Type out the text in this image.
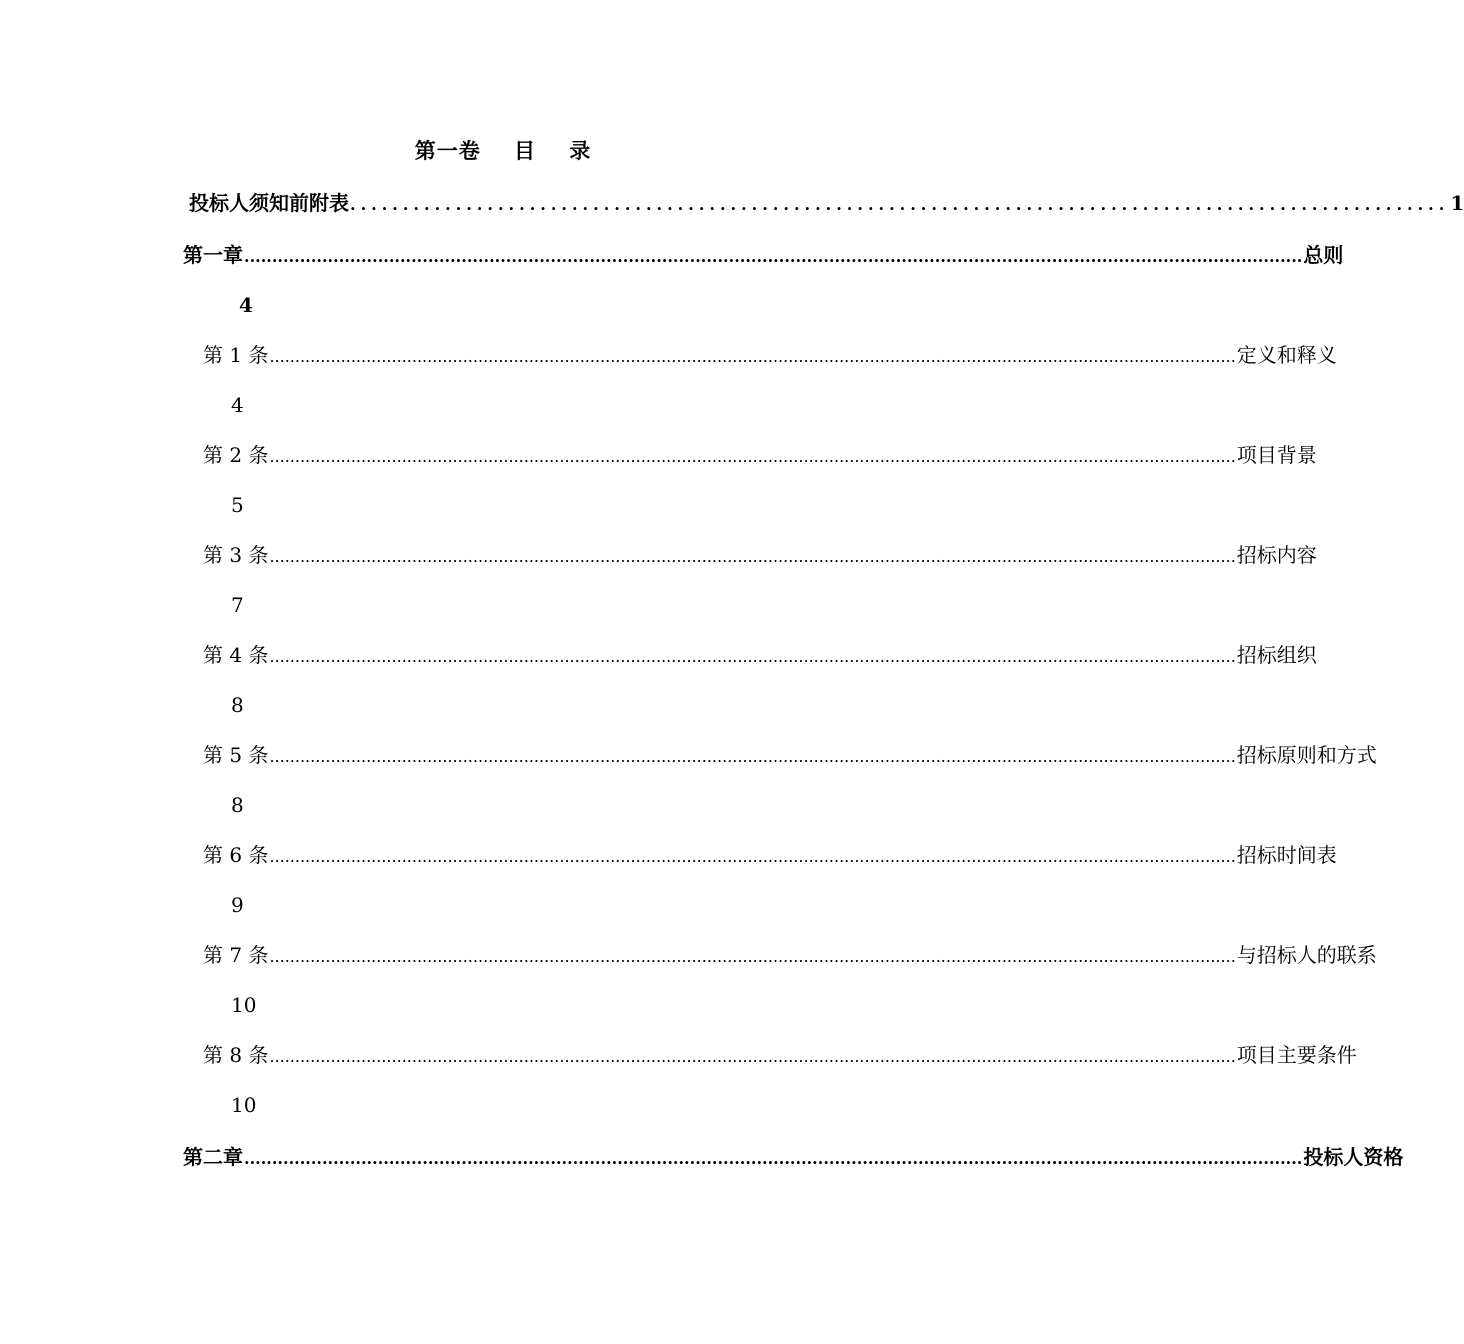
第一卷    目    录
投标人须知前附表 ........................................................................................................ 1
第一章 .............................................................................................................................................................................................. 总则
4
第 1 条 .............................................................................................................................................................................................. 定义和释义
4
第 2 条 .............................................................................................................................................................................................. 项目背景
5
第 3 条 .............................................................................................................................................................................................. 招标内容
7
第 4 条 .............................................................................................................................................................................................. 招标组织
8
第 5 条 .............................................................................................................................................................................................. 招标原则和方式
8
第 6 条 .............................................................................................................................................................................................. 招标时间表
9
第 7 条 .............................................................................................................................................................................................. 与招标人的联系
10
第 8 条 .............................................................................................................................................................................................. 项目主要条件
10
第二章 .............................................................................................................................................................................................. 投标人资格
